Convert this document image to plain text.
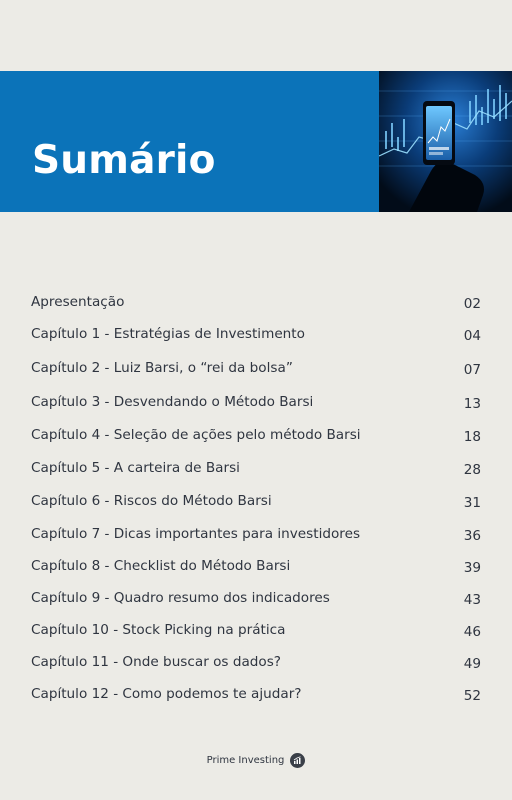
Sumário
Apresentação	02
Capítulo 1 - Estratégias de Investimento	04
Capítulo 2 - Luiz Barsi, o “rei da bolsa”	07
Capítulo 3 - Desvendando o Método Barsi	13
Capítulo 4 - Seleção de ações pelo método Barsi	18
Capítulo 5 - A carteira de Barsi	28
Capítulo 6 - Riscos do Método Barsi	31
Capítulo 7 - Dicas importantes para investidores	36
Capítulo 8 - Checklist do Método Barsi	39
Capítulo 9 - Quadro resumo dos indicadores	43
Capítulo 10 - Stock Picking na prática	46
Capítulo 11 - Onde buscar os dados?	49
Capítulo 12 - Como podemos te ajudar?	52
Prime Investing
